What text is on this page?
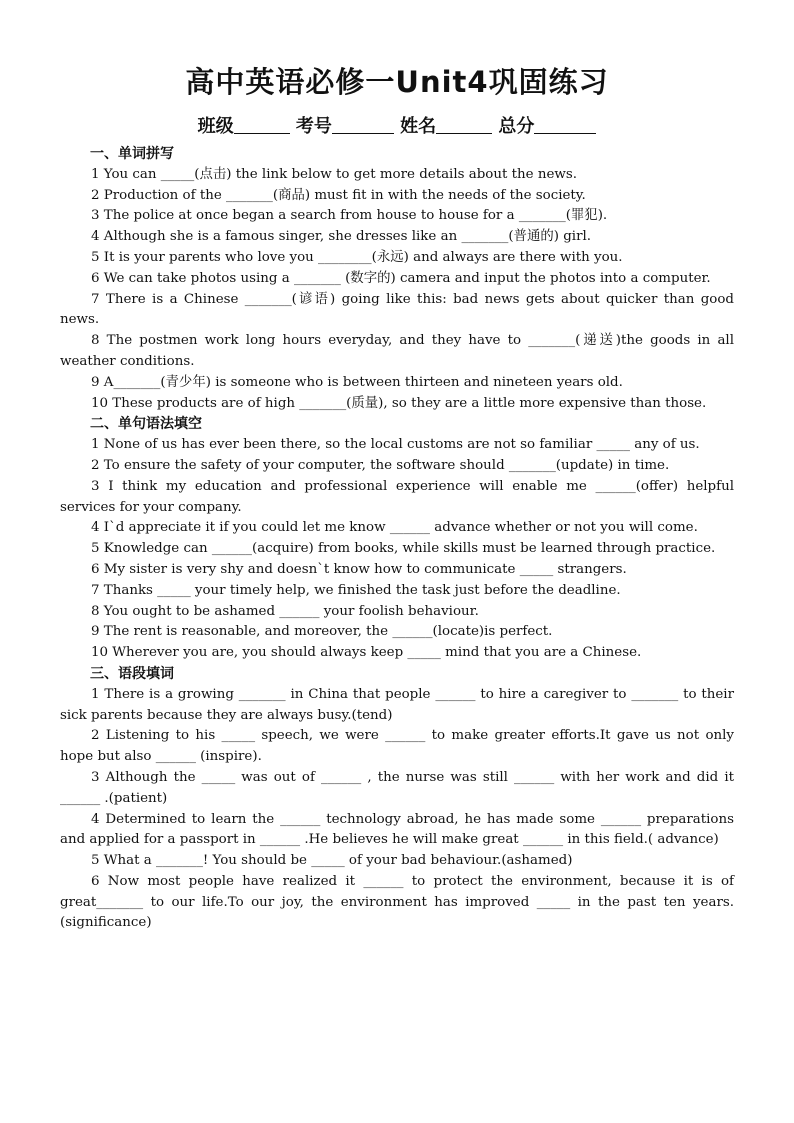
高中英语必修一Unit4巩固练习
班级	考号	姓名	总分
一、单词拼写
1 You can _____(点击) the link below to get more details about the news.
2 Production of the _______(商品) must fit in with the needs of the society.
3 The police at once began a search from house to house for a _______(罪犯).
4 Although she is a famous singer, she dresses like an _______(普通的) girl.
5 It is your parents who love you ________(永远) and always are there with you.
6 We can take photos using a _______ (数字的) camera and input the photos into a computer.
7 There is a Chinese _______(谚语) going like this: bad news gets about quicker than good news.
8 The postmen work long hours everyday, and they have to _______(递送)the goods in all weather conditions.
9 A_______(青少年) is someone who is between thirteen and nineteen years old.
10 These products are of high _______(质量), so they are a little more expensive than those.
二、单句语法填空
1 None of us has ever been there, so the local customs are not so familiar _____ any of us.
2 To ensure the safety of your computer, the software should _______(update) in time.
3 I think my education and professional experience will enable me ______(offer) helpful services for your company.
4 I`d appreciate it if you could let me know ______ advance whether or not you will come.
5 Knowledge can ______(acquire) from books, while skills must be learned through practice.
6 My sister is very shy and doesn`t know how to communicate _____ strangers.
7 Thanks _____ your timely help, we finished the task just before the deadline.
8 You ought to be ashamed ______ your foolish behaviour.
9 The rent is reasonable, and moreover, the ______(locate)is perfect.
10 Wherever you are, you should always keep _____ mind that you are a Chinese.
三、语段填词
1 There is a growing _______ in China that people ______ to hire a caregiver to _______ to their sick parents because they are always busy.(tend)
2 Listening to his _____ speech, we were ______ to make greater efforts.It gave us not only hope but also ______ (inspire).
3 Although the _____ was out of ______ , the nurse was still ______ with her work and did it ______ .(patient)
4 Determined to learn the ______ technology abroad, he has made some ______ preparations and applied for a passport in ______ .He believes he will make great ______ in this field.( advance)
5 What a _______! You should be _____ of your bad behaviour.(ashamed)
6 Now most people have realized it ______ to protect the environment, because it is of great_______ to our life.To our joy, the environment has improved _____ in the past ten years.(significance)
